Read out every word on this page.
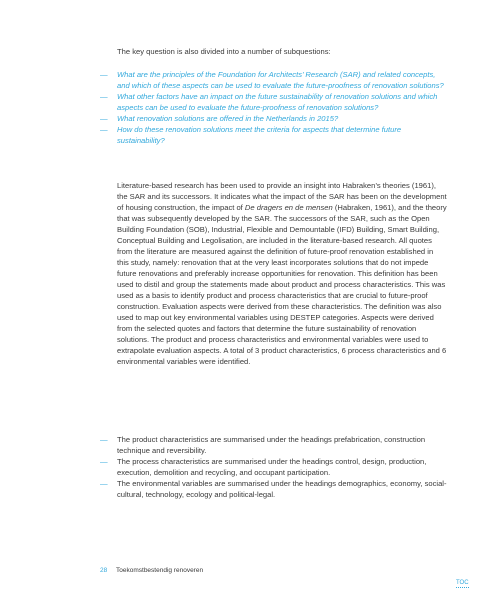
The key question is also divided into a number of subquestions:
— What are the principles of the Foundation for Architects’ Research (SAR) and related concepts, and which of these aspects can be used to evaluate the future-proofness of renovation solutions?
— What other factors have an impact on the future sustainability of renovation solutions and which aspects can be used to evaluate the future-proofness of renovation solutions?
— What renovation solutions are offered in the Netherlands in 2015?
— How do these renovation solutions meet the criteria for aspects that determine future sustainability?
Literature-based research has been used to provide an insight into Habraken’s theories (1961), the SAR and its successors. It indicates what the impact of the SAR has been on the development of housing construction, the impact of De dragers en de mensen (Habraken, 1961), and the theory that was subsequently developed by the SAR. The successors of the SAR, such as the Open Building Foundation (SOB), Industrial, Flexible and Demountable (IFD) Building, Smart Building, Conceptual Building and Legolisation, are included in the literature-based research. All quotes from the literature are measured against the definition of future-proof renovation established in this study, namely: renovation that at the very least incorporates solutions that do not impede future renovations and preferably increase opportunities for renovation. This definition has been used to distil and group the statements made about product and process characteristics. This was used as a basis to identify product and process characteristics that are crucial to future-proof construction. Evaluation aspects were derived from these characteristics. The definition was also used to map out key environmental variables using DESTEP categories. Aspects were derived from the selected quotes and factors that determine the future sustainability of renovation solutions. The product and process characteristics and environmental variables were used to extrapolate evaluation aspects. A total of 3 product characteristics, 6 process characteristics and 6 environmental variables were identified.
— The product characteristics are summarised under the headings prefabrication, construction technique and reversibility.
— The process characteristics are summarised under the headings control, design, production, execution, demolition and recycling, and occupant participation.
— The environmental variables are summarised under the headings demographics, economy, social-cultural, technology, ecology and political-legal.
28 Toekomstbestendig renoveren
TOC
